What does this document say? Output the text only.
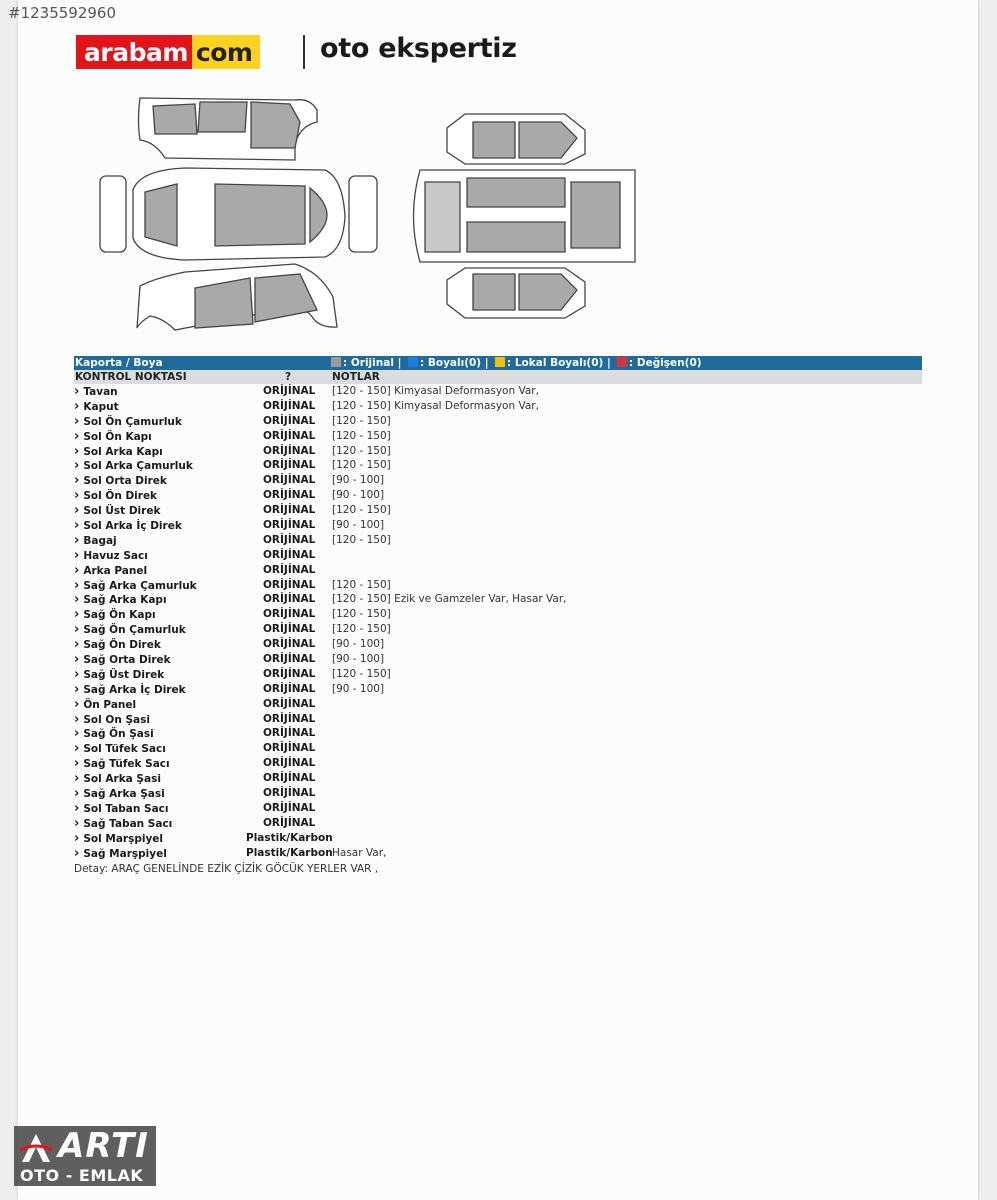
#1235592960
arabam com	oto ekspertiz
Kaporta / Boya	: Orijinal |	: Boyalı(0) |	: Lokal Boyalı(0) |	: Değişen(0)
KONTROL NOKTASI	?	NOTLAR
› Tavan	ORİJİNAL [120 - 150] Kimyasal Deformasyon Var,
› Kaput	ORİJİNAL [120 - 150] Kimyasal Deformasyon Var,
› Sol Ön Çamurluk	ORİJİNAL [120 - 150]
› Sol Ön Kapı	ORİJİNAL [120 - 150]
› Sol Arka Kapı	ORİJİNAL [120 - 150]
› Sol Arka Çamurluk	ORİJİNAL [120 - 150]
› Sol Orta Direk	ORİJİNAL [90 - 100]
› Sol Ön Direk	ORİJİNAL [90 - 100]
› Sol Üst Direk	ORİJİNAL [120 - 150]
› Sol Arka İç Direk	ORİJİNAL [90 - 100]
› Bagaj	ORİJİNAL [120 - 150]
› Havuz Sacı	ORİJİNAL
› Arka Panel	ORİJİNAL
› Sağ Arka Çamurluk	ORİJİNAL [120 - 150]
› Sağ Arka Kapı	ORİJİNAL [120 - 150] Ezik ve Gamzeler Var, Hasar Var,
› Sağ Ön Kapı	ORİJİNAL [120 - 150]
› Sağ Ön Çamurluk	ORİJİNAL [120 - 150]
› Sağ Ön Direk	ORİJİNAL [90 - 100]
› Sağ Orta Direk	ORİJİNAL [90 - 100]
› Sağ Üst Direk	ORİJİNAL [120 - 150]
› Sağ Arka İç Direk	ORİJİNAL [90 - 100]
› Ön Panel	ORİJİNAL
› Sol On Şasi	ORİJİNAL
› Sağ Ön Şasi	ORİJİNAL
› Sol Tüfek Sacı	ORİJİNAL
› Sağ Tüfek Sacı	ORİJİNAL
› Sol Arka Şasi	ORİJİNAL
› Sağ Arka Şasi	ORİJİNAL
› Sol Taban Sacı	ORİJİNAL
› Sağ Taban Sacı	ORİJİNAL
› Sol Marşpiyel	Plastik/Karbon
› Sağ Marşpiyel	Plastik/Karbon Hasar Var,
Detay: ARAÇ GENELİNDE EZİK ÇİZİK GÖCÜK YERLER VAR ,
ARTI
OTO - EMLAK
